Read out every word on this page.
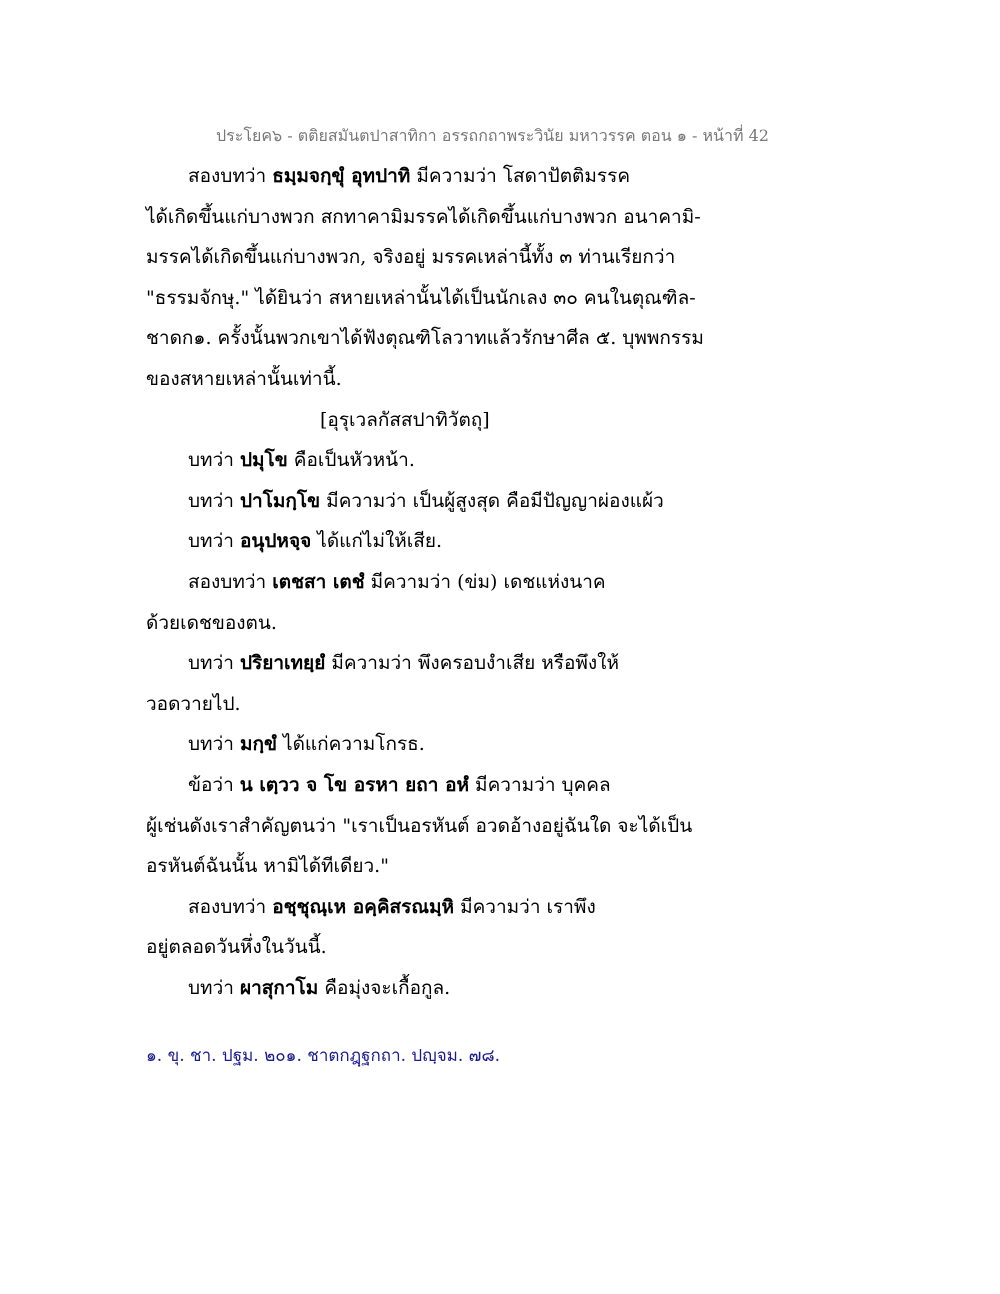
ประโยค๖ - ตติยสมันตปาสาทิกา อรรถกถาพระวินัย มหาวรรค ตอน ๑ - หน้าที่ 42
สองบทว่า ธมฺมจกฺขุํ อุทปาทิ มีความว่า โสดาปัตติมรรค
ได้เกิดขึ้นแก่บางพวก สกทาคามิมรรคได้เกิดขึ้นแก่บางพวก อนาคามิ-
มรรคได้เกิดขึ้นแก่บางพวก, จริงอยู่ มรรคเหล่านี้ทั้ง ๓ ท่านเรียกว่า
"ธรรมจักษุ." ได้ยินว่า สหายเหล่านั้นได้เป็นนักเลง ๓๐ คนในตุณฑิล-
ชาดก๑. ครั้งนั้นพวกเขาได้ฟังตุณฑิโลวาทแล้วรักษาศีล ๕. บุพพกรรม
ของสหายเหล่านั้นเท่านี้.
[อุรุเวลกัสสปาทิวัตถุ]
บทว่า ปมุโข คือเป็นหัวหน้า.
บทว่า ปาโมกฺโข มีความว่า เป็นผู้สูงสุด คือมีปัญญาผ่องแผ้ว
บทว่า อนุปหจฺจ ได้แก่ไม่ให้เสีย.
สองบทว่า เตชสา เตชํ มีความว่า (ข่ม) เดชแห่งนาค
ด้วยเดชของตน.
บทว่า ปริยาเทยฺยํ มีความว่า พึงครอบงำเสีย หรือพึงให้
วอดวายไป.
บทว่า มกฺขํ ได้แก่ความโกรธ.
ข้อว่า น เตฺวว จ โข อรหา ยถา อหํ มีความว่า บุคคล
ผู้เช่นดังเราสำคัญตนว่า "เราเป็นอรหันต์ อวดอ้างอยู่ฉันใด จะได้เป็น
อรหันต์ฉันนั้น หามิได้ทีเดียว."
สองบทว่า อชฺชุณฺเห อคฺคิสรณมฺหิ มีความว่า เราพึง
อยู่ตลอดวันหึ่งในวันนี้.
บทว่า ผาสุกาโม คือมุ่งจะเกื้อกูล.
๑. ขุ. ชา. ปฐม. ๒๐๑. ชาตกฎฺฐกถา. ปญฺจม. ๗๘.
